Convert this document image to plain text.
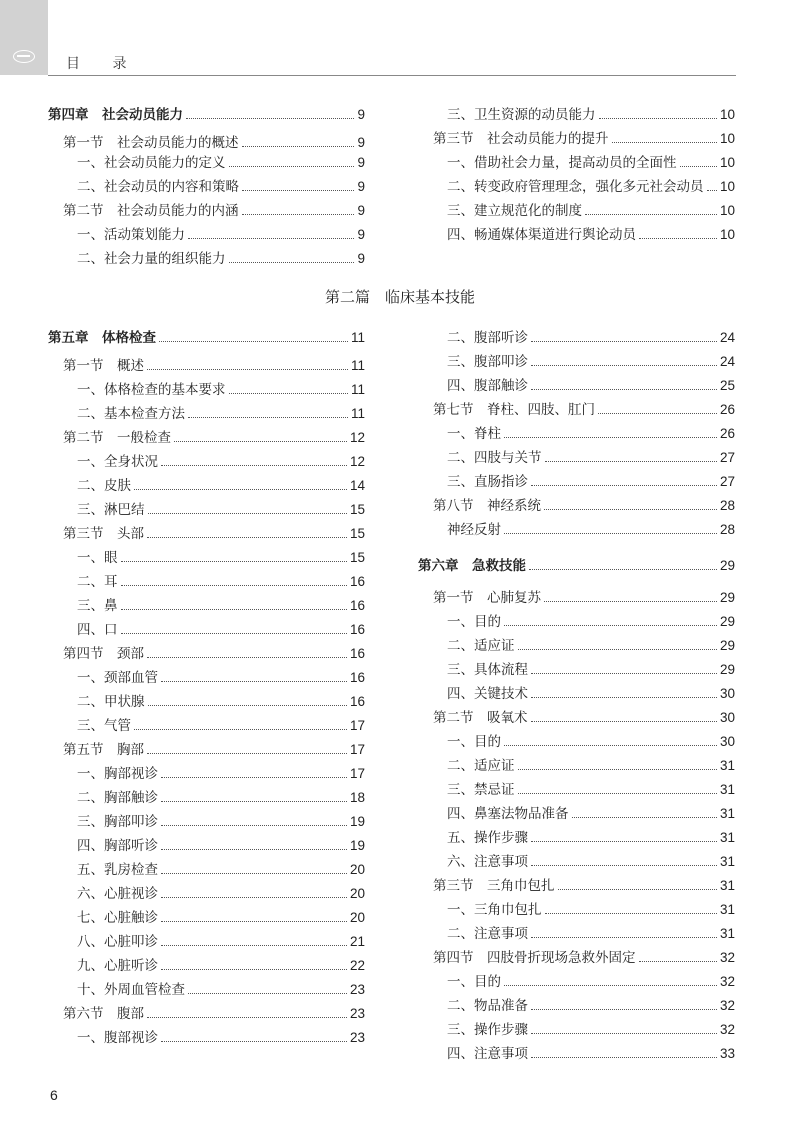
目 录
第四章　社会动员能力	9
第一节　社会动员能力的概述	9
一、社会动员能力的定义	9
二、社会动员的内容和策略	9
第二节　社会动员能力的内涵	9
一、活动策划能力	9
二、社会力量的组织能力	9
三、卫生资源的动员能力	10
第三节　社会动员能力的提升	10
一、借助社会力量，提高动员的全面性	10
二、转变政府管理理念，强化多元社会动员 10
三、建立规范化的制度	10
四、畅通媒体渠道进行舆论动员	10
第二篇　临床基本技能
第五章　体格检查	11
第一节　概述	11
一、体格检查的基本要求	11
二、基本检查方法	11
第二节　一般检查	12
一、全身状况	12
二、皮肤	14
三、淋巴结	15
第三节　头部	15
一、眼	15
二、耳	16
三、鼻	16
四、口	16
第四节　颈部	16
一、颈部血管	16
二、甲状腺	16
三、气管	17
第五节　胸部	17
一、胸部视诊	17
二、胸部触诊	18
三、胸部叩诊	19
四、胸部听诊	19
五、乳房检查	20
六、心脏视诊	20
七、心脏触诊	20
八、心脏叩诊	21
九、心脏听诊	22
十、外周血管检查	23
第六节　腹部	23
一、腹部视诊	23
二、腹部听诊	24
三、腹部叩诊	24
四、腹部触诊	25
第七节　脊柱、四肢、肛门	26
一、脊柱	26
二、四肢与关节	27
三、直肠指诊	27
第八节　神经系统	28
神经反射	28
第六章　急救技能	29
第一节　心肺复苏	29
一、目的	29
二、适应证	29
三、具体流程	29
四、关键技术	30
第二节　吸氧术	30
一、目的	30
二、适应证	31
三、禁忌证	31
四、鼻塞法物品准备	31
五、操作步骤	31
六、注意事项	31
第三节　三角巾包扎	31
一、三角巾包扎	31
二、注意事项	31
第四节　四肢骨折现场急救外固定	32
一、目的	32
二、物品准备	32
三、操作步骤	32
四、注意事项	33
6
